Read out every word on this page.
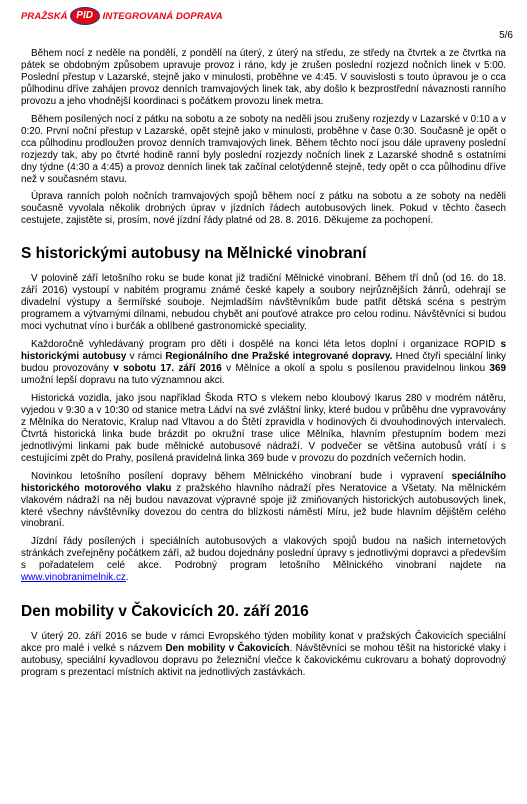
PRAŽSKÁ PID	INTEGROVANÁ DOPRAVA
5/6

Během nocí z neděle na pondělí, z pondělí na úterý, z úterý na středu, ze středy na čtvrtek a ze čtvrtka na pátek se obdobným způsobem upravuje provoz i ráno, kdy je zrušen poslední rozjezd nočních linek v 5:00. Poslední přestup v Lazarské, stejně jako v minulosti, proběhne ve 4:45. V souvislosti s touto úpravou je o cca půlhodinu dříve zahájen provoz denních tramvajových linek tak, aby došlo k bezprostřední návaznosti ranního provozu a jeho vhodnější koordinaci s počátkem provozu linek metra.

Během posílených nocí z pátku na sobotu a ze soboty na neděli jsou zrušeny rozjezdy v Lazarské v 0:10 a v 0:20. První noční přestup v Lazarské, opět stejně jako v minulosti, proběhne v čase 0:30. Současně je opět o cca půlhodinu prodloužen provoz denních tramvajových linek. Během těchto nocí jsou dále upraveny poslední rozjezdy tak, aby po čtvrté hodině ranní byly poslední rozjezdy nočních linek z Lazarské shodně s ostatními dny týdne (4:30 a 4:45) a provoz denních linek tak začínal celotýdenně stejně, tedy opět o cca půlhodinu dříve než v současném stavu.

Úprava ranních poloh nočních tramvajových spojů během nocí z pátku na sobotu a ze soboty na neděli současně vyvolala několik drobných úprav v jízdních řádech autobusových linek. Pokud v těchto časech cestujete, zajistěte si, prosím, nové jízdní řády platné od 28. 8. 2016. Děkujeme za pochopení.

S historickými autobusy na Mělnické vinobraní

V polovině září letošního roku se bude konat již tradiční Mělnické vinobraní. Během tří dnů (od 16. do 18. září 2016) vystoupí v nabitém programu známé české kapely a soubory nejrůznějších žánrů, odehrají se divadelní výstupy a šermířské souboje. Nejmladším návštěvníkům bude patřit dětská scéna s pestrým programem a výtvarnými dílnami, nebudou chybět ani pouťové atrakce pro celou rodinu. Návštěvníci si budou moci vychutnat víno i burčák a oblíbené gastronomické speciality.

Každoročně vyhledávaný program pro děti i dospělé na konci léta letos doplní i organizace ROPID s historickými autobusy v rámci Regionálního dne Pražské integrované dopravy. Hned čtyři speciální linky budou provozovány v sobotu 17. září 2016 v Mělníce a okolí a spolu s posílenou pravidelnou linkou 369 umožní lepší dopravu na tuto významnou akci.

Historická vozidla, jako jsou například Škoda RTO s vlekem nebo kloubový Ikarus 280 v modrém nátěru, vyjedou v 9:30 a v 10:30 od stanice metra Ládví na své zvláštní linky, které budou v průběhu dne vypravovány z Mělníka do Neratovic, Kralup nad Vltavou a do Štětí zpravidla v hodinových či dvouhodinových intervalech. Čtvrtá historická linka bude brázdit po okružní trase ulice Mělníka, hlavním přestupním bodem mezi jednotlivými linkami pak bude mělnické autobusové nádraží. V podvečer se většina autobusů vrátí i s cestujícími zpět do Prahy, posílená pravidelná linka 369 bude v provozu do pozdních večerních hodin.

Novinkou letošního posílení dopravy během Mělnického vinobraní bude i vypravení speciálního historického motorového vlaku z pražského hlavního nádraží přes Neratovice a Všetaty. Na mělnickém vlakovém nádraží na něj budou navazovat výpravné spoje již zmiňovaných historických autobusových linek, které všechny návštěvníky dovezou do centra do blízkosti náměstí Míru, jež bude hlavním dějištěm celého vinobraní.

Jízdní řády posílených i speciálních autobusových a vlakových spojů budou na našich internetových stránkách zveřejněny počátkem září, až budou dojednány poslední úpravy s jednotlivými dopravci a především s pořadatelem celé akce. Podrobný program letošního Mělnického vinobraní najdete na www.vinobranimelnik.cz.

Den mobility v Čakovicích 20. září 2016

V úterý 20. září 2016 se bude v rámci Evropského týden mobility konat v pražských Čakovicích speciální akce pro malé i velké s názvem Den mobility v Čakovicích. Návštěvníci se mohou těšit na historické vlaky i autobusy, speciální kyvadlovou dopravu po železniční vlečce k čakovickému cukrovaru a bohatý doprovodný program s prezentací místních aktivit na jednotlivých zastávkách.
